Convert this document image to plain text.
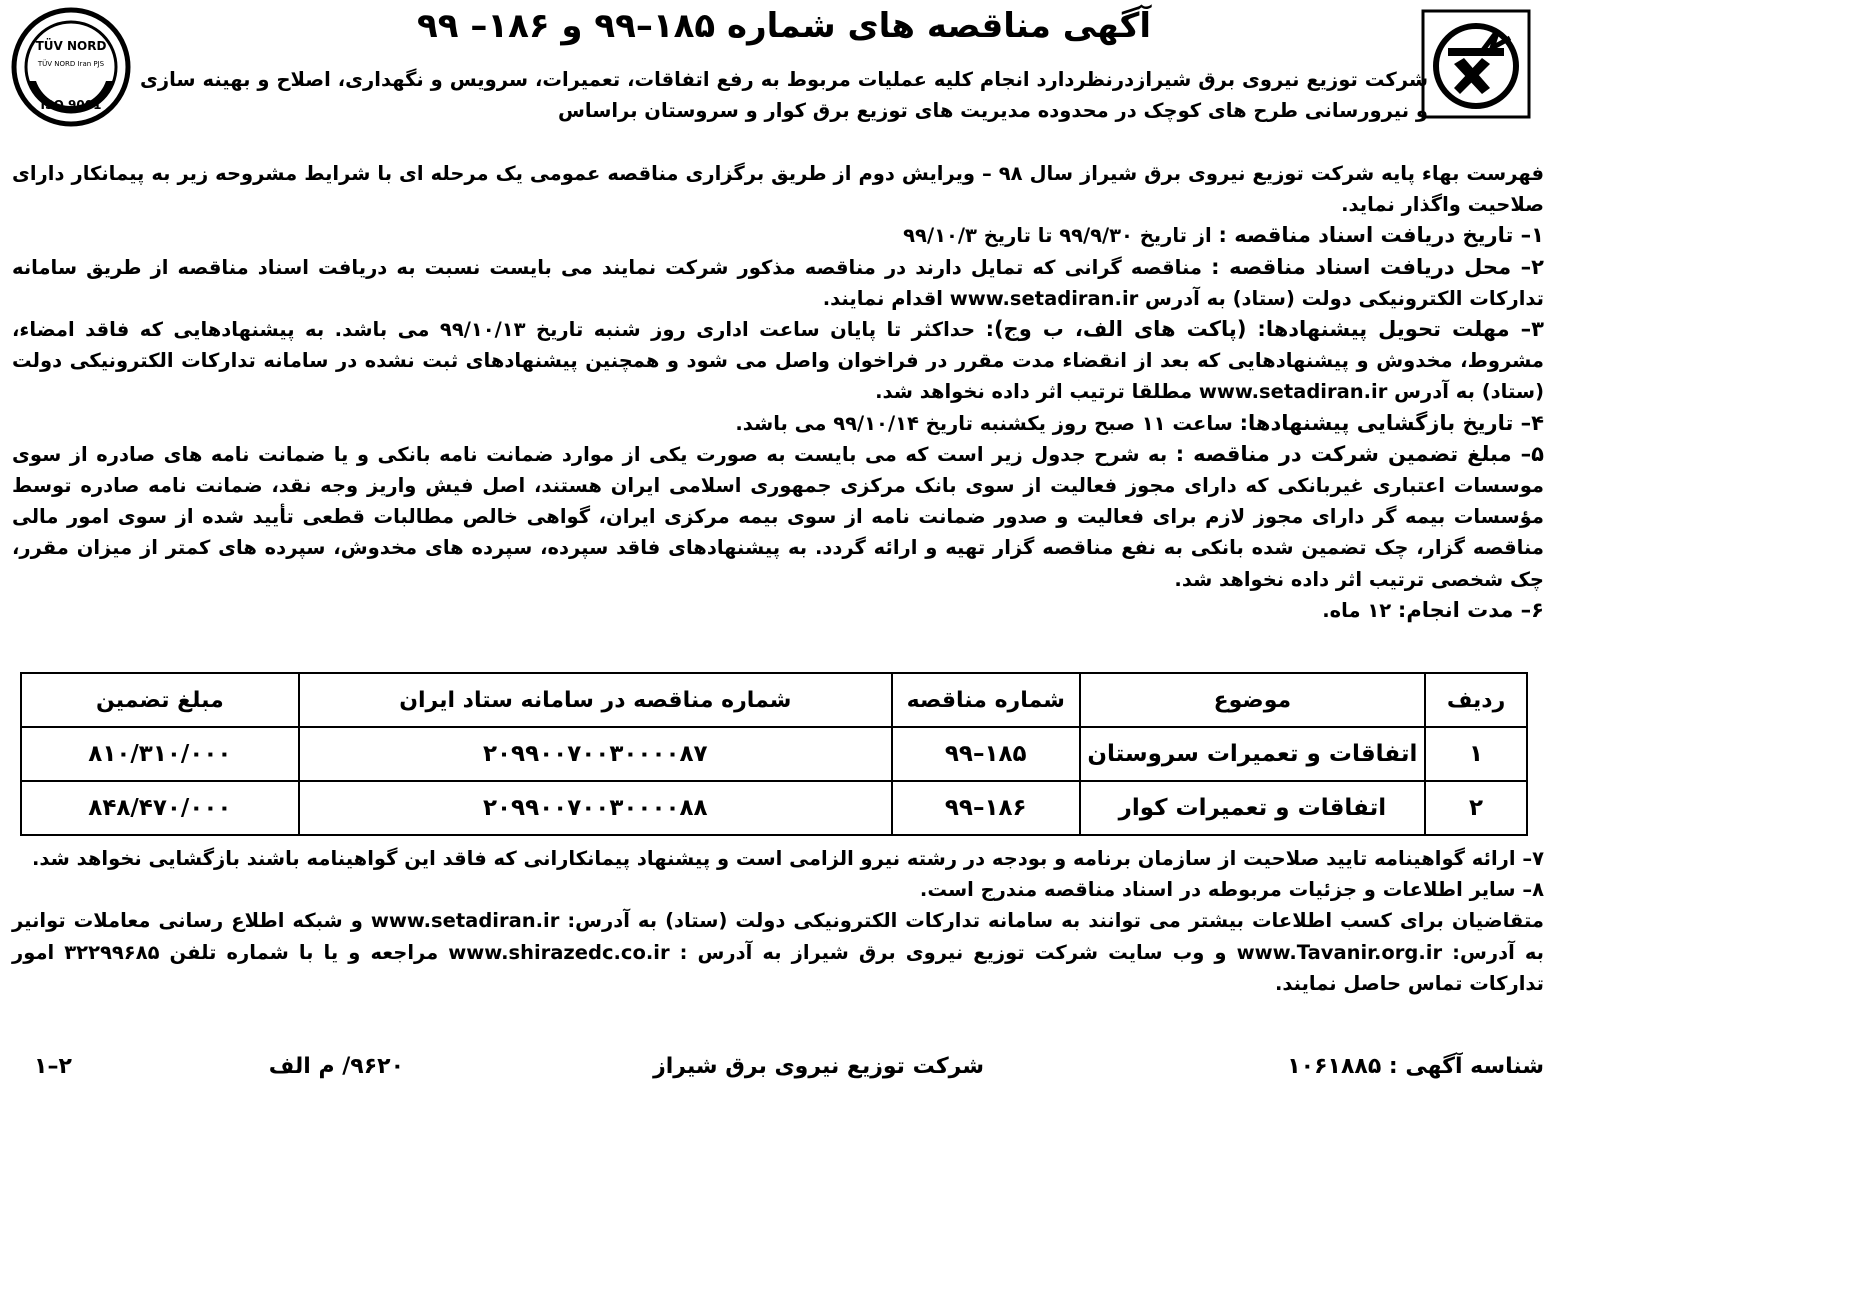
TÜV NORD
TÜV NORD Iran PJS
ISO 9001
آگهی مناقصه های شماره ۱۸۵–۹۹ و ۱۸۶– ۹۹
شرکت توزیع نیروی برق شیرازدرنظردارد انجام کلیه عملیات مربوط به رفع اتفاقات، تعمیرات، سرویس و نگهداری، اصلاح و بهینه سازی و نیرورسانی طرح های کوچک در محدوده مدیریت های توزیع برق کوار و سروستان براساس

فهرست بهاء پایه شرکت توزیع نیروی برق شیراز سال ۹۸ – ویرایش دوم از طریق برگزاری مناقصه عمومی یک مرحله ای با شرایط مشروحه زیر به پیمانکار دارای صلاحیت واگذار نماید.

۱– تاریخ دریافت اسناد مناقصه : از تاریخ ۹۹/۹/۳۰ تا تاریخ ۹۹/۱۰/۳

۲– محل دریافت اسناد مناقصه : مناقصه گرانی که تمایل دارند در مناقصه مذکور شرکت نمایند می بایست نسبت به دریافت اسناد مناقصه از طریق سامانه تدارکات الکترونیکی دولت (ستاد) به آدرس www.setadiran.ir اقدام نمایند.

۳– مهلت تحویل پیشنهادها: (پاکت های الف، ب وج): حداکثر تا پایان ساعت اداری روز شنبه تاریخ ۹۹/۱۰/۱۳ می باشد. به پیشنهادهایی که فاقد امضاء، مشروط، مخدوش و پیشنهادهایی که بعد از انقضاء مدت مقرر در فراخوان واصل می شود و همچنین پیشنهادهای ثبت نشده در سامانه تدارکات الکترونیکی دولت (ستاد) به آدرس www.setadiran.ir مطلقا ترتیب اثر داده نخواهد شد.

۴– تاریخ بازگشایی پیشنهادها: ساعت ۱۱ صبح روز یکشنبه تاریخ ۹۹/۱۰/۱۴ می باشد.

۵– مبلغ تضمین شرکت در مناقصه : به شرح جدول زیر است که می بایست به صورت یکی از موارد ضمانت نامه بانکی و یا ضمانت نامه های صادره از سوی موسسات اعتباری غیربانکی که دارای مجوز فعالیت از سوی بانک مرکزی جمهوری اسلامی ایران هستند، اصل فیش واریز وجه نقد، ضمانت نامه صادره توسط مؤسسات بیمه گر دارای مجوز لازم برای فعالیت و صدور ضمانت نامه از سوی بیمه مرکزی ایران، گواهی خالص مطالبات قطعی تأیید شده از سوی امور مالی مناقصه گزار، چک تضمین شده بانکی به نفع مناقصه گزار تهیه و ارائه گردد. به پیشنهادهای فاقد سپرده، سپرده های مخدوش، سپرده های کمتر از میزان مقرر، چک شخصی ترتیب اثر داده نخواهد شد.

۶– مدت انجام: ۱۲ ماه.

ردیف	موضوع	شماره مناقصه	شماره مناقصه در سامانه ستاد ایران	مبلغ تضمین
۱	اتفاقات و تعمیرات سروستان	۱۸۵–۹۹	۲۰۹۹۰۰۷۰۰۳۰۰۰۰۸۷	۸۱۰/۳۱۰/۰۰۰
۲	اتفاقات و تعمیرات کوار	۱۸۶–۹۹	۲۰۹۹۰۰۷۰۰۳۰۰۰۰۸۸	۸۴۸/۴۷۰/۰۰۰

۷– ارائه گواهینامه تایید صلاحیت از سازمان برنامه و بودجه در رشته نیرو الزامی است و پیشنهاد پیمانکارانی که فاقد این گواهینامه باشند بازگشایی نخواهد شد.

۸– سایر اطلاعات و جزئیات مربوطه در اسناد مناقصه مندرج است.

متقاضیان برای کسب اطلاعات بیشتر می توانند به سامانه تدارکات الکترونیکی دولت (ستاد) به آدرس: www.setadiran.ir و شبکه اطلاع رسانی معاملات توانیر به آدرس: www.Tavanir.org.ir و وب سایت شرکت توزیع نیروی برق شیراز به آدرس : www.shirazedc.co.ir مراجعه و یا با شماره تلفن ۳۲۲۹۹۶۸۵ امور تدارکات تماس حاصل نمایند.

شناسه آگهی : ۱۰۶۱۸۸۵
شرکت توزیع نیروی برق شیراز
۹۶۲۰/ م الف
۲–۱
